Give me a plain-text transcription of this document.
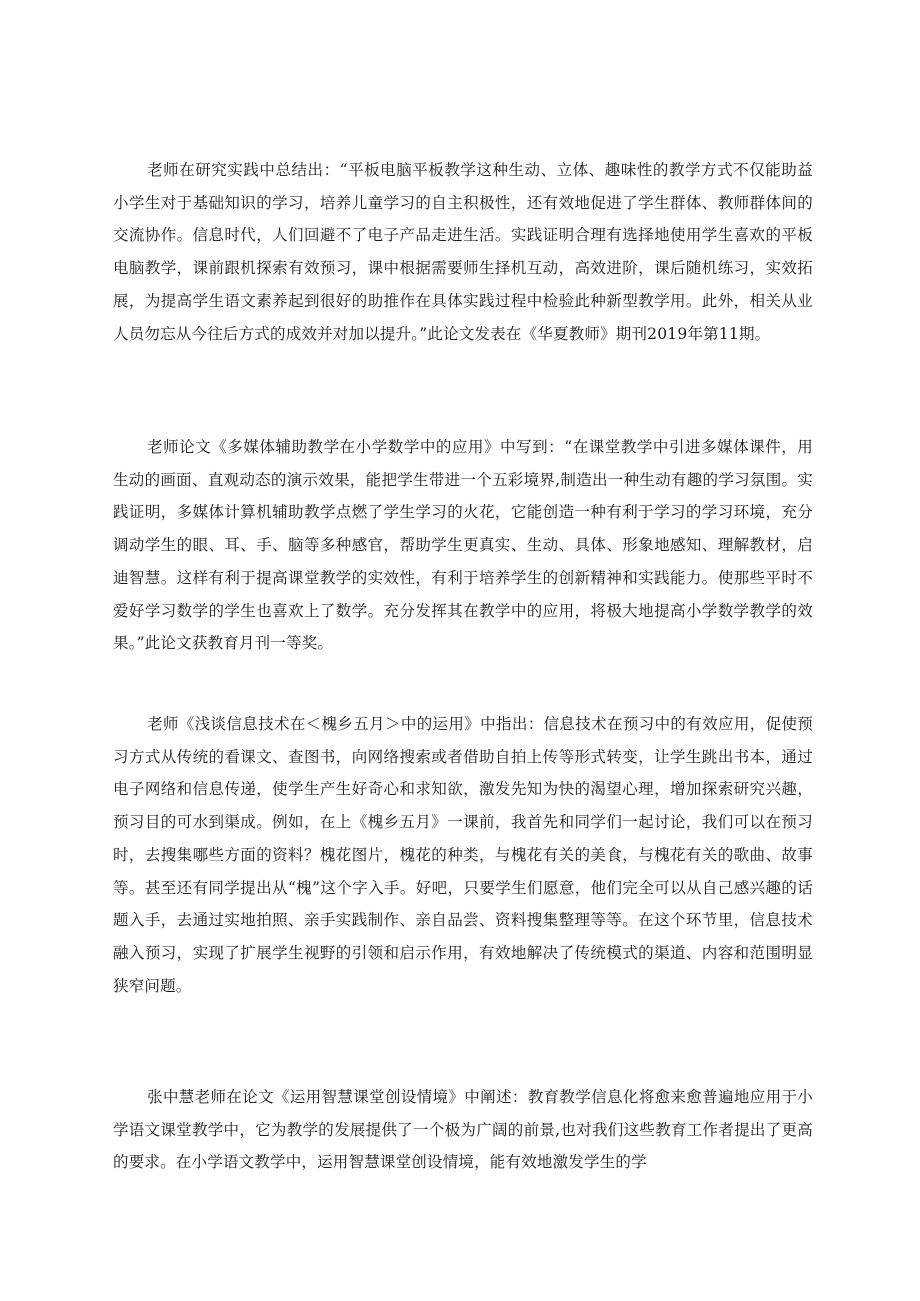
老师在研究实践中总结出：“平板电脑平板教学这种生动、立体、趣味性的教学方式不仅能助益小学生对于基础知识的学习，培养儿童学习的自主积极性，还有效地促进了学生群体、教师群体间的交流协作。信息时代，人们回避不了电子产品走进生活。实践证明合理有选择地使用学生喜欢的平板电脑教学，课前跟机探索有效预习，课中根据需要师生择机互动，高效进阶，课后随机练习，实效拓展，为提高学生语文素养起到很好的助推作在具体实践过程中检验此种新型教学用。此外，相关从业人员勿忘从今往后方式的成效并对加以提升。”此论文发表在《华夏教师》期刊2019年第11期。

老师论文《多媒体辅助教学在小学数学中的应用》中写到：“在课堂教学中引进多媒体课件，用生动的画面、直观动态的演示效果，能把学生带进一个五彩境界,制造出一种生动有趣的学习氛围。实践证明，多媒体计算机辅助教学点燃了学生学习的火花，它能创造一种有利于学习的学习环境，充分调动学生的眼、耳、手、脑等多种感官，帮助学生更真实、生动、具体、形象地感知、理解教材，启迪智慧。这样有利于提高课堂教学的实效性，有利于培养学生的创新精神和实践能力。使那些平时不爱好学习数学的学生也喜欢上了数学。充分发挥其在教学中的应用，将极大地提高小学数学教学的效果。”此论文获教育月刊一等奖。

老师《浅谈信息技术在＜槐乡五月＞中的运用》中指出：信息技术在预习中的有效应用，促使预习方式从传统的看课文、查图书，向网络搜索或者借助自拍上传等形式转变，让学生跳出书本，通过电子网络和信息传递，使学生产生好奇心和求知欲，激发先知为快的渴望心理，增加探索研究兴趣，预习目的可水到渠成。例如，在上《槐乡五月》一课前，我首先和同学们一起讨论，我们可以在预习时，去搜集哪些方面的资料？槐花图片，槐花的种类，与槐花有关的美食，与槐花有关的歌曲、故事等。甚至还有同学提出从“槐”这个字入手。好吧，只要学生们愿意，他们完全可以从自己感兴趣的话题入手，去通过实地拍照、亲手实践制作、亲自品尝、资料搜集整理等等。在这个环节里，信息技术融入预习，实现了扩展学生视野的引领和启示作用，有效地解决了传统模式的渠道、内容和范围明显狭窄问题。

张中慧老师在论文《运用智慧课堂创设情境》中阐述：教育教学信息化将愈来愈普遍地应用于小学语文课堂教学中，它为教学的发展提供了一个极为广阔的前景,也对我们这些教育工作者提出了更高的要求。在小学语文教学中，运用智慧课堂创设情境，能有效地激发学生的学
